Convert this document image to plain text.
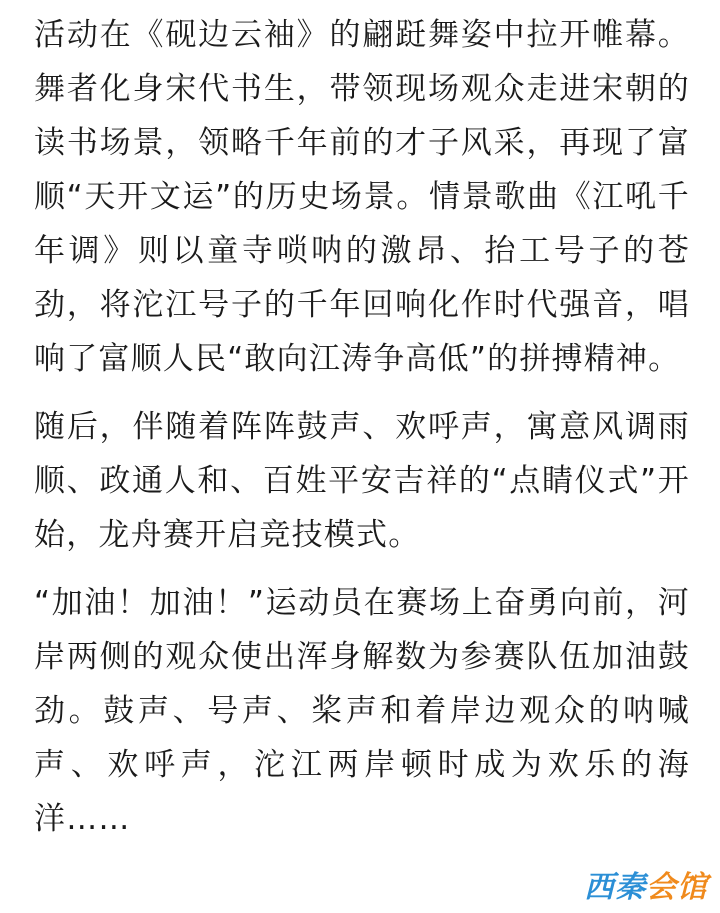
活动在《砚边云袖》的翩跹舞姿中拉开帷幕。舞者化身宋代书生，带领现场观众走进宋朝的读书场景，领略千年前的才子风采，再现了富顺“天开文运”的历史场景。情景歌曲《江吼千年调》则以童寺唢呐的激昂、抬工号子的苍劲，将沱江号子的千年回响化作时代强音，唱响了富顺人民“敢向江涛争高低”的拼搏精神。

随后，伴随着阵阵鼓声、欢呼声，寓意风调雨顺、政通人和、百姓平安吉祥的“点睛仪式”开始，龙舟赛开启竞技模式。

“加油！加油！”运动员在赛场上奋勇向前，河岸两侧的观众使出浑身解数为参赛队伍加油鼓劲。鼓声、号声、桨声和着岸边观众的呐喊声、欢呼声，沱江两岸顿时成为欢乐的海洋……

西秦会馆
